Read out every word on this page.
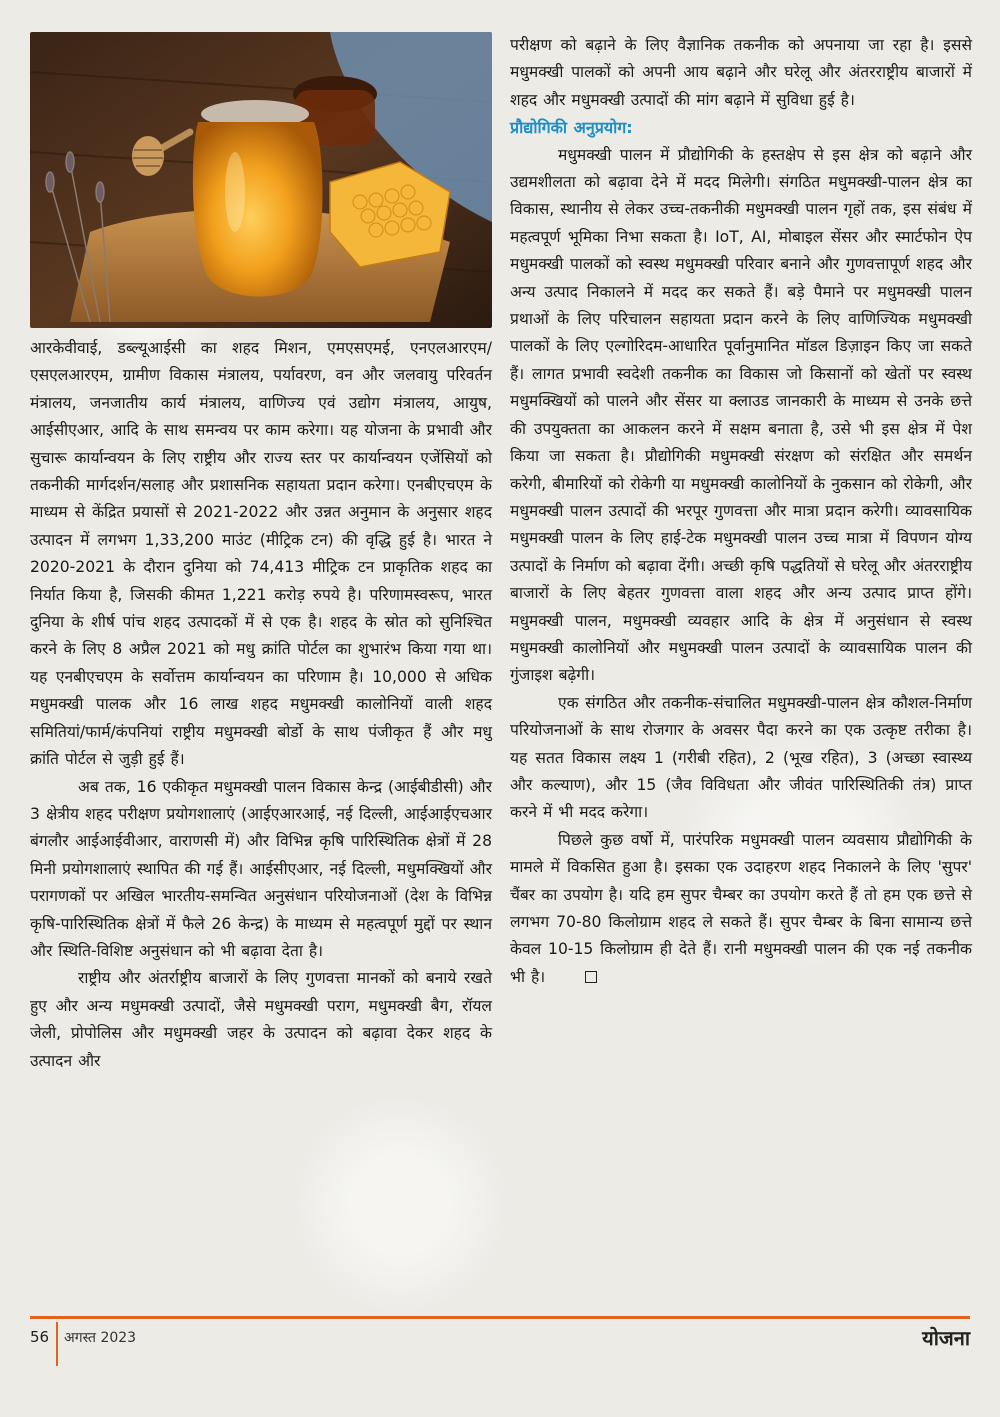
आरकेवीवाई, डब्ल्यूआईसी का शहद मिशन, एमएसएमई, एनएलआरएम/एसएलआरएम, ग्रामीण विकास मंत्रालय, पर्यावरण, वन और जलवायु परिवर्तन मंत्रालय, जनजातीय कार्य मंत्रालय, वाणिज्य एवं उद्योग मंत्रालय, आयुष, आईसीएआर, आदि के साथ समन्वय पर काम करेगा। यह योजना के प्रभावी और सुचारू कार्यान्वयन के लिए राष्ट्रीय और राज्य स्तर पर कार्यान्वयन एजेंसियों को तकनीकी मार्गदर्शन/सलाह और प्रशासनिक सहायता प्रदान करेगा। एनबीएचएम के माध्यम से केंद्रित प्रयासों से 2021-2022 और उन्नत अनुमान के अनुसार शहद उत्पादन में लगभग 1,33,200 माउंट (मीट्रिक टन) की वृद्धि हुई है। भारत ने 2020-2021 के दौरान दुनिया को 74,413 मीट्रिक टन प्राकृतिक शहद का निर्यात किया है, जिसकी कीमत 1,221 करोड़ रुपये है। परिणामस्वरूप, भारत दुनिया के शीर्ष पांच शहद उत्पादकों में से एक है। शहद के स्रोत को सुनिश्चित करने के लिए 8 अप्रैल 2021 को मधु क्रांति पोर्टल का शुभारंभ किया गया था। यह एनबीएचएम के सर्वोत्तम कार्यान्वयन का परिणाम है। 10,000 से अधिक मधुमक्खी पालक और 16 लाख शहद मधुमक्खी कालोनियों वाली शहद समितियां/फार्म/कंपनियां राष्ट्रीय मधुमक्खी बोर्डो के साथ पंजीकृत हैं और मधु क्रांति पोर्टल से जुड़ी हुई हैं।

अब तक, 16 एकीकृत मधुमक्खी पालन विकास केन्द्र (आईबीडीसी) और 3 क्षेत्रीय शहद परीक्षण प्रयोगशालाएं (आईएआरआई, नई दिल्ली, आईआईएचआर बंगलौर आईआईवीआर, वाराणसी में) और विभिन्न कृषि पारिस्थितिक क्षेत्रों में 28 मिनी प्रयोगशालाएं स्थापित की गई हैं। आईसीएआर, नई दिल्ली, मधुमक्खियों और परागणकों पर अखिल भारतीय-समन्वित अनुसंधान परियोजनाओं (देश के विभिन्न कृषि-पारिस्थितिक क्षेत्रों में फैले 26 केन्द्र) के माध्यम से महत्वपूर्ण मुद्दों पर स्थान और स्थिति-विशिष्ट अनुसंधान को भी बढ़ावा देता है।

राष्ट्रीय और अंतर्राष्ट्रीय बाजारों के लिए गुणवत्ता मानकों को बनाये रखते हुए और अन्य मधुमक्खी उत्पादों, जैसे मधुमक्खी पराग, मधुमक्खी बैग, रॉयल जेली, प्रोपोलिस और मधुमक्खी जहर के उत्पादन को बढ़ावा देकर शहद के उत्पादन और

परीक्षण को बढ़ाने के लिए वैज्ञानिक तकनीक को अपनाया जा रहा है। इससे मधुमक्खी पालकों को अपनी आय बढ़ाने और घरेलू और अंतरराष्ट्रीय बाजारों में शहद और मधुमक्खी उत्पादों की मांग बढ़ाने में सुविधा हुई है।

प्रौद्योगिकी अनुप्रयोग:

मधुमक्खी पालन में प्रौद्योगिकी के हस्तक्षेप से इस क्षेत्र को बढ़ाने और उद्यमशीलता को बढ़ावा देने में मदद मिलेगी। संगठित मधुमक्खी-पालन क्षेत्र का विकास, स्थानीय से लेकर उच्च-तकनीकी मधुमक्खी पालन गृहों तक, इस संबंध में महत्वपूर्ण भूमिका निभा सकता है। IoT, AI, मोबाइल सेंसर और स्मार्टफोन ऐप मधुमक्खी पालकों को स्वस्थ मधुमक्खी परिवार बनाने और गुणवत्तापूर्ण शहद और अन्य उत्पाद निकालने में मदद कर सकते हैं। बड़े पैमाने पर मधुमक्खी पालन प्रथाओं के लिए परिचालन सहायता प्रदान करने के लिए वाणिज्यिक मधुमक्खी पालकों के लिए एल्गोरिदम-आधारित पूर्वानुमानित मॉडल डिज़ाइन किए जा सकते हैं। लागत प्रभावी स्वदेशी तकनीक का विकास जो किसानों को खेतों पर स्वस्थ मधुमक्खियों को पालने और सेंसर या क्लाउड जानकारी के माध्यम से उनके छत्ते की उपयुक्तता का आकलन करने में सक्षम बनाता है, उसे भी इस क्षेत्र में पेश किया जा सकता है। प्रौद्योगिकी मधुमक्खी संरक्षण को संरक्षित और समर्थन करेगी, बीमारियों को रोकेगी या मधुमक्खी कालोनियों के नुकसान को रोकेगी, और मधुमक्खी पालन उत्पादों की भरपूर गुणवत्ता और मात्रा प्रदान करेगी। व्यावसायिक मधुमक्खी पालन के लिए हाई-टेक मधुमक्खी पालन उच्च मात्रा में विपणन योग्य उत्पादों के निर्माण को बढ़ावा देंगी। अच्छी कृषि पद्धतियों से घरेलू और अंतरराष्ट्रीय बाजारों के लिए बेहतर गुणवत्ता वाला शहद और अन्य उत्पाद प्राप्त होंगे। मधुमक्खी पालन, मधुमक्खी व्यवहार आदि के क्षेत्र में अनुसंधान से स्वस्थ मधुमक्खी कालोनियों और मधुमक्खी पालन उत्पादों के व्यावसायिक पालन की गुंजाइश बढ़ेगी।

एक संगठित और तकनीक-संचालित मधुमक्खी-पालन क्षेत्र कौशल-निर्माण परियोजनाओं के साथ रोजगार के अवसर पैदा करने का एक उत्कृष्ट तरीका है। यह सतत विकास लक्ष्य 1 (गरीबी रहित), 2 (भूख रहित), 3 (अच्छा स्वास्थ्य और कल्याण), और 15 (जैव विविधता और जीवंत पारिस्थितिकी तंत्र) प्राप्त करने में भी मदद करेगा।

पिछले कुछ वर्षो में, पारंपरिक मधुमक्खी पालन व्यवसाय प्रौद्योगिकी के मामले में विकसित हुआ है। इसका एक उदाहरण शहद निकालने के लिए 'सुपर' चैंबर का उपयोग है। यदि हम सुपर चैम्बर का उपयोग करते हैं तो हम एक छत्ते से लगभग 70-80 किलोग्राम शहद ले सकते हैं। सुपर चैम्बर के बिना सामान्य छत्ते केवल 10-15 किलोग्राम ही देते हैं। रानी मधुमक्खी पालन की एक नई तकनीक भी है।

56 अगस्त 2023	योजना
